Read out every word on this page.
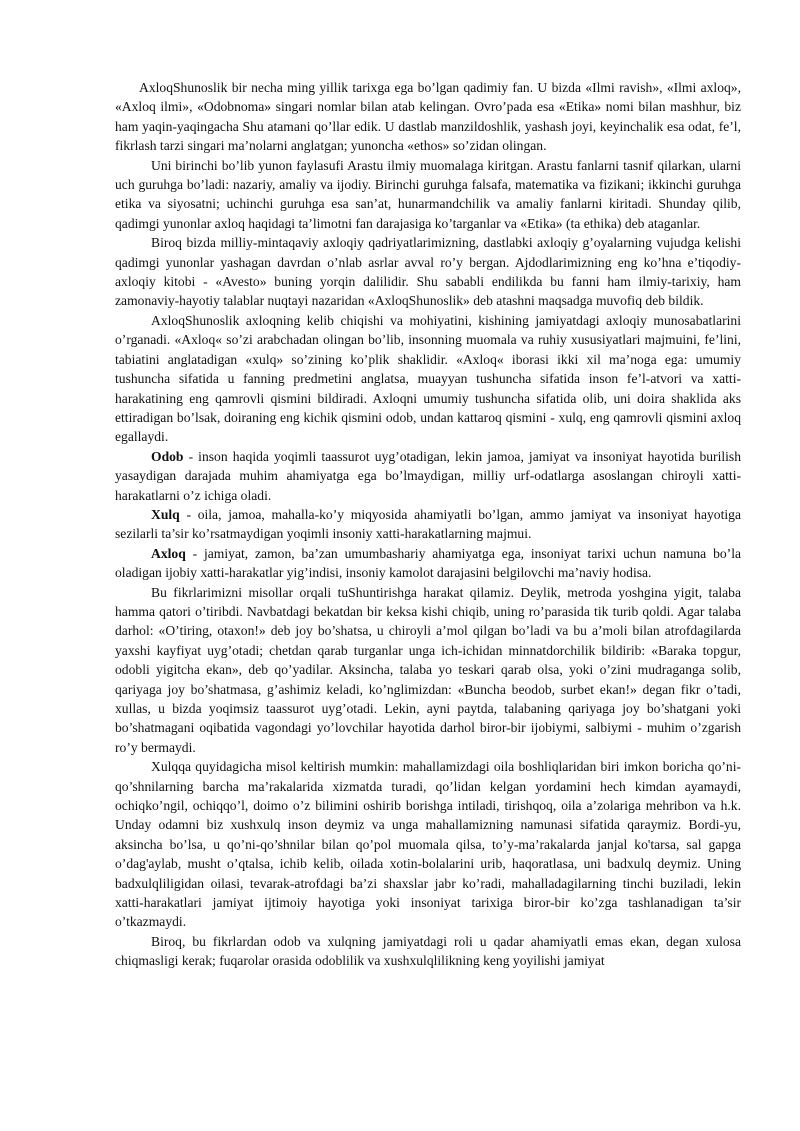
AxloqShunoslik bir necha ming yillik tarixga ega bo’lgan qadimiy fan. U bizda «Ilmi ravish», «Ilmi axloq», «Axloq ilmi», «Odobnoma» singari nomlar bilan atab kelingan. Ovro’pada esa «Etika» nomi bilan mashhur, biz ham yaqin-yaqingacha Shu atamani qo’llar edik. U dastlab manzildoshlik, yashash joyi, keyinchalik esa odat, fe’l, fikrlash tarzi singari ma’nolarni anglatgan; yunoncha «ethos» so’zidan olingan.

Uni birinchi bo’lib yunon faylasufi Arastu ilmiy muomalaga kiritgan. Arastu fanlarni tasnif qilarkan, ularni uch guruhga bo’ladi: nazariy, amaliy va ijodiy. Birinchi guruhga falsafa, matematika va fizikani; ikkinchi guruhga etika va siyosatni; uchinchi guruhga esa san’at, hunarmandchilik va amaliy fanlarni kiritadi. Shunday qilib, qadimgi yunonlar axloq haqidagi ta’limotni fan darajasiga ko’targanlar va «Etika» (ta ethika) deb ataganlar.

Biroq bizda milliy-mintaqaviy axloqiy qadriyatlarimizning, dastlabki axloqiy g’oyalarning vujudga kelishi qadimgi yunonlar yashagan davrdan o’nlab asrlar avval ro’y bergan. Ajdodlarimizning eng ko’hna e’tiqodiy-axloqiy kitobi - «Avesto» buning yorqin dalilidir. Shu sababli endilikda bu fanni ham ilmiy-tarixiy, ham zamonaviy-hayotiy talablar nuqtayi nazaridan «AxloqShunoslik» deb atashni maqsadga muvofiq deb bildik.

AxloqShunoslik axloqning kelib chiqishi va mohiyatini, kishining jamiyatdagi axloqiy munosabatlarini o’rganadi. «Axloq« so’zi arabchadan olingan bo’lib, insonning muomala va ruhiy xususiyatlari majmuini, fe’lini, tabiatini anglatadigan «xulq» so’zining ko’plik shaklidir. «Axloq« iborasi ikki xil ma’noga ega: umumiy tushuncha sifatida u fanning predmetini anglatsa, muayyan tushuncha sifatida inson fe’l-atvori va xatti-harakatining eng qamrovli qismini bildiradi. Axloqni umumiy tushuncha sifatida olib, uni doira shaklida aks ettiradigan bo’lsak, doiraning eng kichik qismini odob, undan kattaroq qismini - xulq, eng qamrovli qismini axloq egallaydi.

Odob - inson haqida yoqimli taassurot uyg’otadigan, lekin jamoa, jamiyat va insoniyat hayotida burilish yasaydigan darajada muhim ahamiyatga ega bo’lmaydigan, milliy urf-odatlarga asoslangan chiroyli xatti-harakatlarni o’z ichiga oladi.

Xulq - oila, jamoa, mahalla-ko’y miqyosida ahamiyatli bo’lgan, ammo jamiyat va insoniyat hayotiga sezilarli ta’sir ko’rsatmaydigan yoqimli insoniy xatti-harakatlarning majmui.

Axloq - jamiyat, zamon, ba’zan umumbashariy ahamiyatga ega, insoniyat tarixi uchun namuna bo’la oladigan ijobiy xatti-harakatlar yig’indisi, insoniy kamolot darajasini belgilovchi ma’naviy hodisa.

Bu fikrlarimizni misollar orqali tuShuntirishga harakat qilamiz. Deylik, metroda yoshgina yigit, talaba hamma qatori o’tiribdi. Navbatdagi bekatdan bir keksa kishi chiqib, uning ro’parasida tik turib qoldi. Agar talaba darhol: «O’tiring, otaxon!» deb joy bo’shatsa, u chiroyli a’mol qilgan bo’ladi va bu a’moli bilan atrofdagilarda yaxshi kayfiyat uyg’otadi; chetdan qarab turganlar unga ich-ichidan minnatdorchilik bildirib: «Baraka topgur, odobli yigitcha ekan», deb qo’yadilar. Aksincha, talaba yo teskari qarab olsa, yoki o’zini mudraganga solib, qariyaga joy bo’shatmasa, g’ashimiz keladi, ko’nglimizdan: «Buncha beodob, surbet ekan!» degan fikr o’tadi, xullas, u bizda yoqimsiz taassurot uyg’otadi. Lekin, ayni paytda, talabaning qariyaga joy bo’shatgani yoki bo’shatmagani oqibatida vagondagi yo’lovchilar hayotida darhol biror-bir ijobiymi, salbiymi - muhim o’zgarish ro’y bermaydi.

Xulqqa quyidagicha misol keltirish mumkin: mahallamizdagi oila boshliqlaridan biri imkon boricha qo’ni-qo’shnilarning barcha ma’rakalarida xizmatda turadi, qo’lidan kelgan yordamini hech kimdan ayamaydi, ochiqko’ngil, ochiqqo’l, doimo o’z bilimini oshirib borishga intiladi, tirishqoq, oila a’zolariga mehribon va h.k. Unday odamni biz xushxulq inson deymiz va unga mahallamizning namunasi sifatida qaraymiz. Bordi-yu, aksincha bo’lsa, u qo’ni-qo’shnilar bilan qo’pol muomala qilsa, to’y-ma’rakalarda janjal ko'tarsa, sal gapga o’dag'aylab, musht o’qtalsa, ichib kelib, oilada xotin-bolalarini urib, haqoratlasa, uni badxulq deymiz. Uning badxulqliligidan oilasi, tevarak-atrofdagi ba’zi shaxslar jabr ko’radi, mahalladagilarning tinchi buziladi, lekin xatti-harakatlari jamiyat ijtimoiy hayotiga yoki insoniyat tarixiga biror-bir ko’zga tashlanadigan ta’sir o’tkazmaydi.

Biroq, bu fikrlardan odob va xulqning jamiyatdagi roli u qadar ahamiyatli emas ekan, degan xulosa chiqmasligi kerak; fuqarolar orasida odoblilik va xushxulqlilikning keng yoyilishi jamiyat
